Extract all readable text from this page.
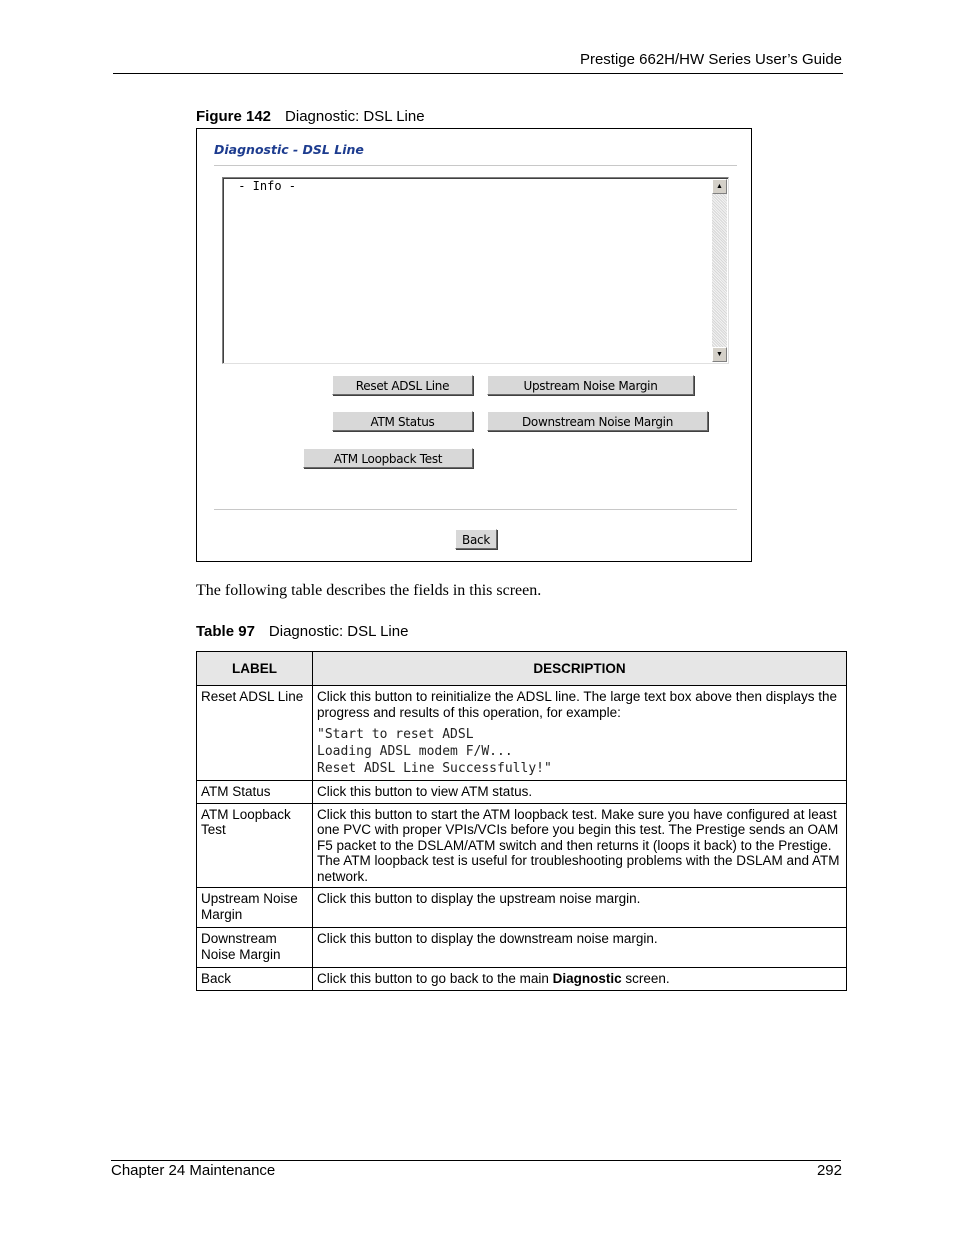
Prestige 662H/HW Series User’s Guide
Figure 142 Diagnostic: DSL Line
Diagnostic - DSL Line
- Info -	▲
▼
Reset ADSL Line	Upstream Noise Margin
ATM Status	Downstream Noise Margin
ATM Loopback Test
Back
The following table describes the fields in this screen.
Table 97 Diagnostic: DSL Line
LABEL	DESCRIPTION
Reset ADSL Line	Click this button to reinitialize the ADSL line. The large text box above then displays the progress and results of this operation, for example:
"Start to reset ADSL
Loading ADSL modem F/W...
Reset ADSL Line Successfully!"

ATM Status	Click this button to view ATM status.
ATM Loopback Test	Click this button to start the ATM loopback test. Make sure you have configured at least one PVC with proper VPIs/VCIs before you begin this test. The Prestige sends an OAM F5 packet to the DSLAM/ATM switch and then returns it (loops it back) to the Prestige. The ATM loopback test is useful for troubleshooting problems with the DSLAM and ATM network.
Upstream Noise Margin	Click this button to display the upstream noise margin.
Downstream Noise Margin	Click this button to display the downstream noise margin.
Back	Click this button to go back to the main Diagnostic screen.
Chapter 24 Maintenance	292
